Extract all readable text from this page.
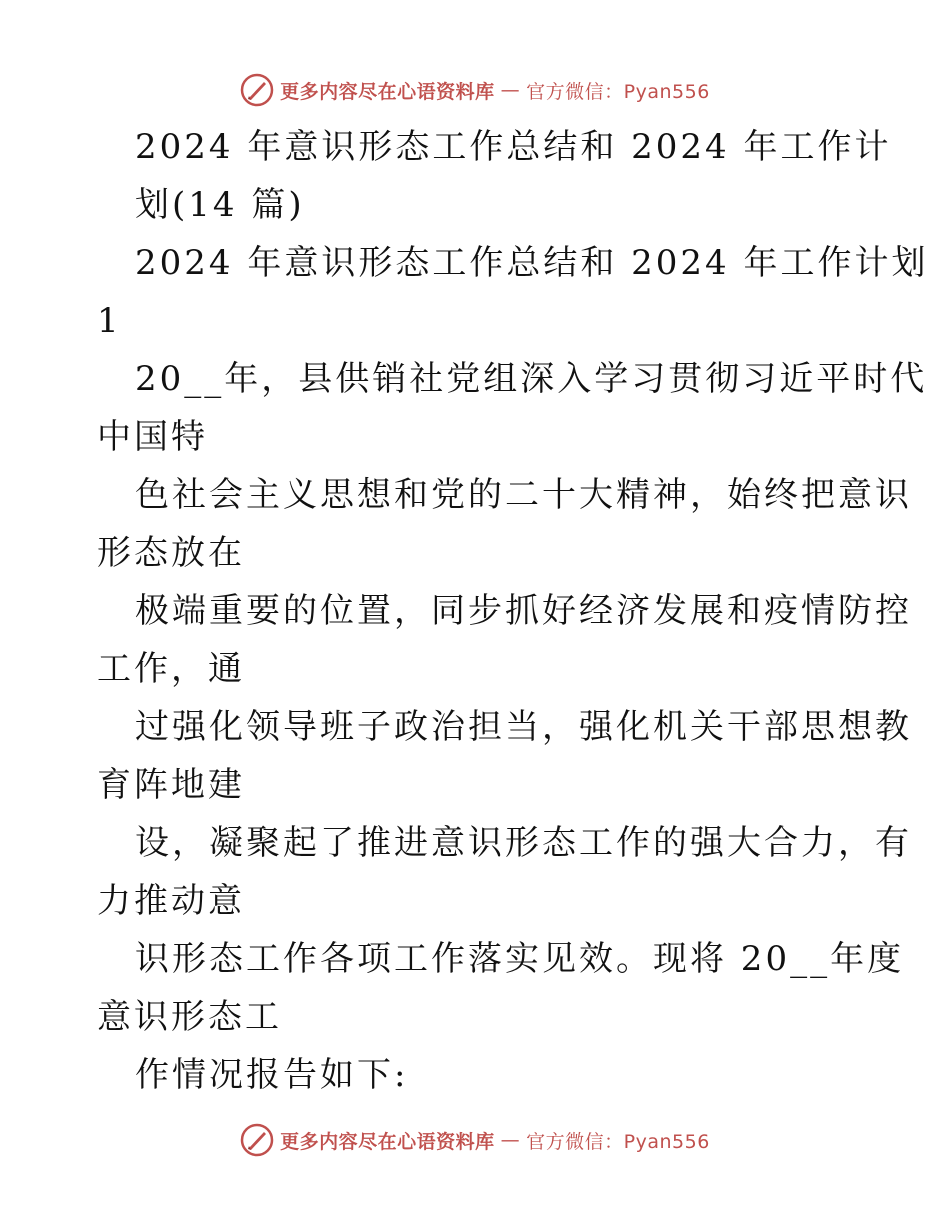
更多内容尽在心语资料库 — 官方微信：Pyan556
2024 年意识形态工作总结和 2024 年工作计
划(14 篇)
2024 年意识形态工作总结和 2024 年工作计划
1
20__年，县供销社党组深入学习贯彻习近平时代
中国特
色社会主义思想和党的二十大精神，始终把意识
形态放在
极端重要的位置，同步抓好经济发展和疫情防控
工作，通
过强化领导班子政治担当，强化机关干部思想教
育阵地建
设，凝聚起了推进意识形态工作的强大合力，有
力推动意
识形态工作各项工作落实见效。现将 20__年度
意识形态工
作情况报告如下:
更多内容尽在心语资料库 — 官方微信：Pyan556
